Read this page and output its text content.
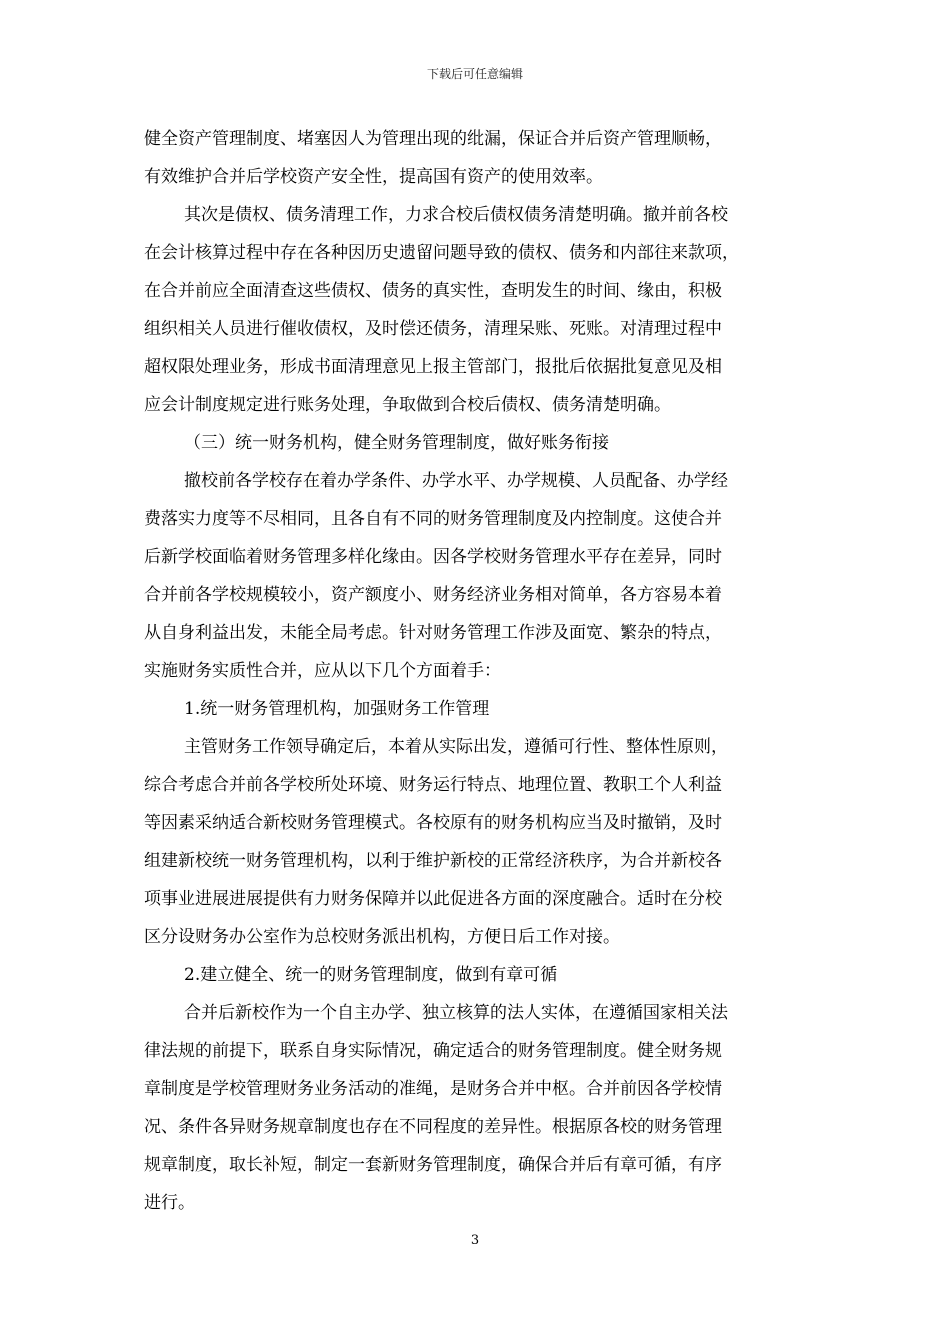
下载后可任意编辑
健全资产管理制度、堵塞因人为管理出现的纰漏，保证合并后资产管理顺畅，
有效维护合并后学校资产安全性，提高国有资产的使用效率。
其次是债权、债务清理工作，力求合校后债权债务清楚明确。撤并前各校
在会计核算过程中存在各种因历史遗留问题导致的债权、债务和内部往来款项，
在合并前应全面清查这些债权、债务的真实性，查明发生的时间、缘由，积极
组织相关人员进行催收债权，及时偿还债务，清理呆账、死账。对清理过程中
超权限处理业务，形成书面清理意见上报主管部门，报批后依据批复意见及相
应会计制度规定进行账务处理，争取做到合校后债权、债务清楚明确。
（三）统一财务机构，健全财务管理制度，做好账务衔接
撤校前各学校存在着办学条件、办学水平、办学规模、人员配备、办学经
费落实力度等不尽相同，且各自有不同的财务管理制度及内控制度。这使合并
后新学校面临着财务管理多样化缘由。因各学校财务管理水平存在差异，同时
合并前各学校规模较小，资产额度小、财务经济业务相对简单，各方容易本着
从自身利益出发，未能全局考虑。针对财务管理工作涉及面宽、繁杂的特点，
实施财务实质性合并，应从以下几个方面着手：
1.统一财务管理机构，加强财务工作管理
主管财务工作领导确定后，本着从实际出发，遵循可行性、整体性原则，
综合考虑合并前各学校所处环境、财务运行特点、地理位置、教职工个人利益
等因素采纳适合新校财务管理模式。各校原有的财务机构应当及时撤销，及时
组建新校统一财务管理机构，以利于维护新校的正常经济秩序，为合并新校各
项事业进展进展提供有力财务保障并以此促进各方面的深度融合。适时在分校
区分设财务办公室作为总校财务派出机构，方便日后工作对接。
2.建立健全、统一的财务管理制度，做到有章可循
合并后新校作为一个自主办学、独立核算的法人实体，在遵循国家相关法
律法规的前提下，联系自身实际情况，确定适合的财务管理制度。健全财务规
章制度是学校管理财务业务活动的准绳，是财务合并中枢。合并前因各学校情
况、条件各异财务规章制度也存在不同程度的差异性。根据原各校的财务管理
规章制度，取长补短，制定一套新财务管理制度，确保合并后有章可循，有序
进行。
3
